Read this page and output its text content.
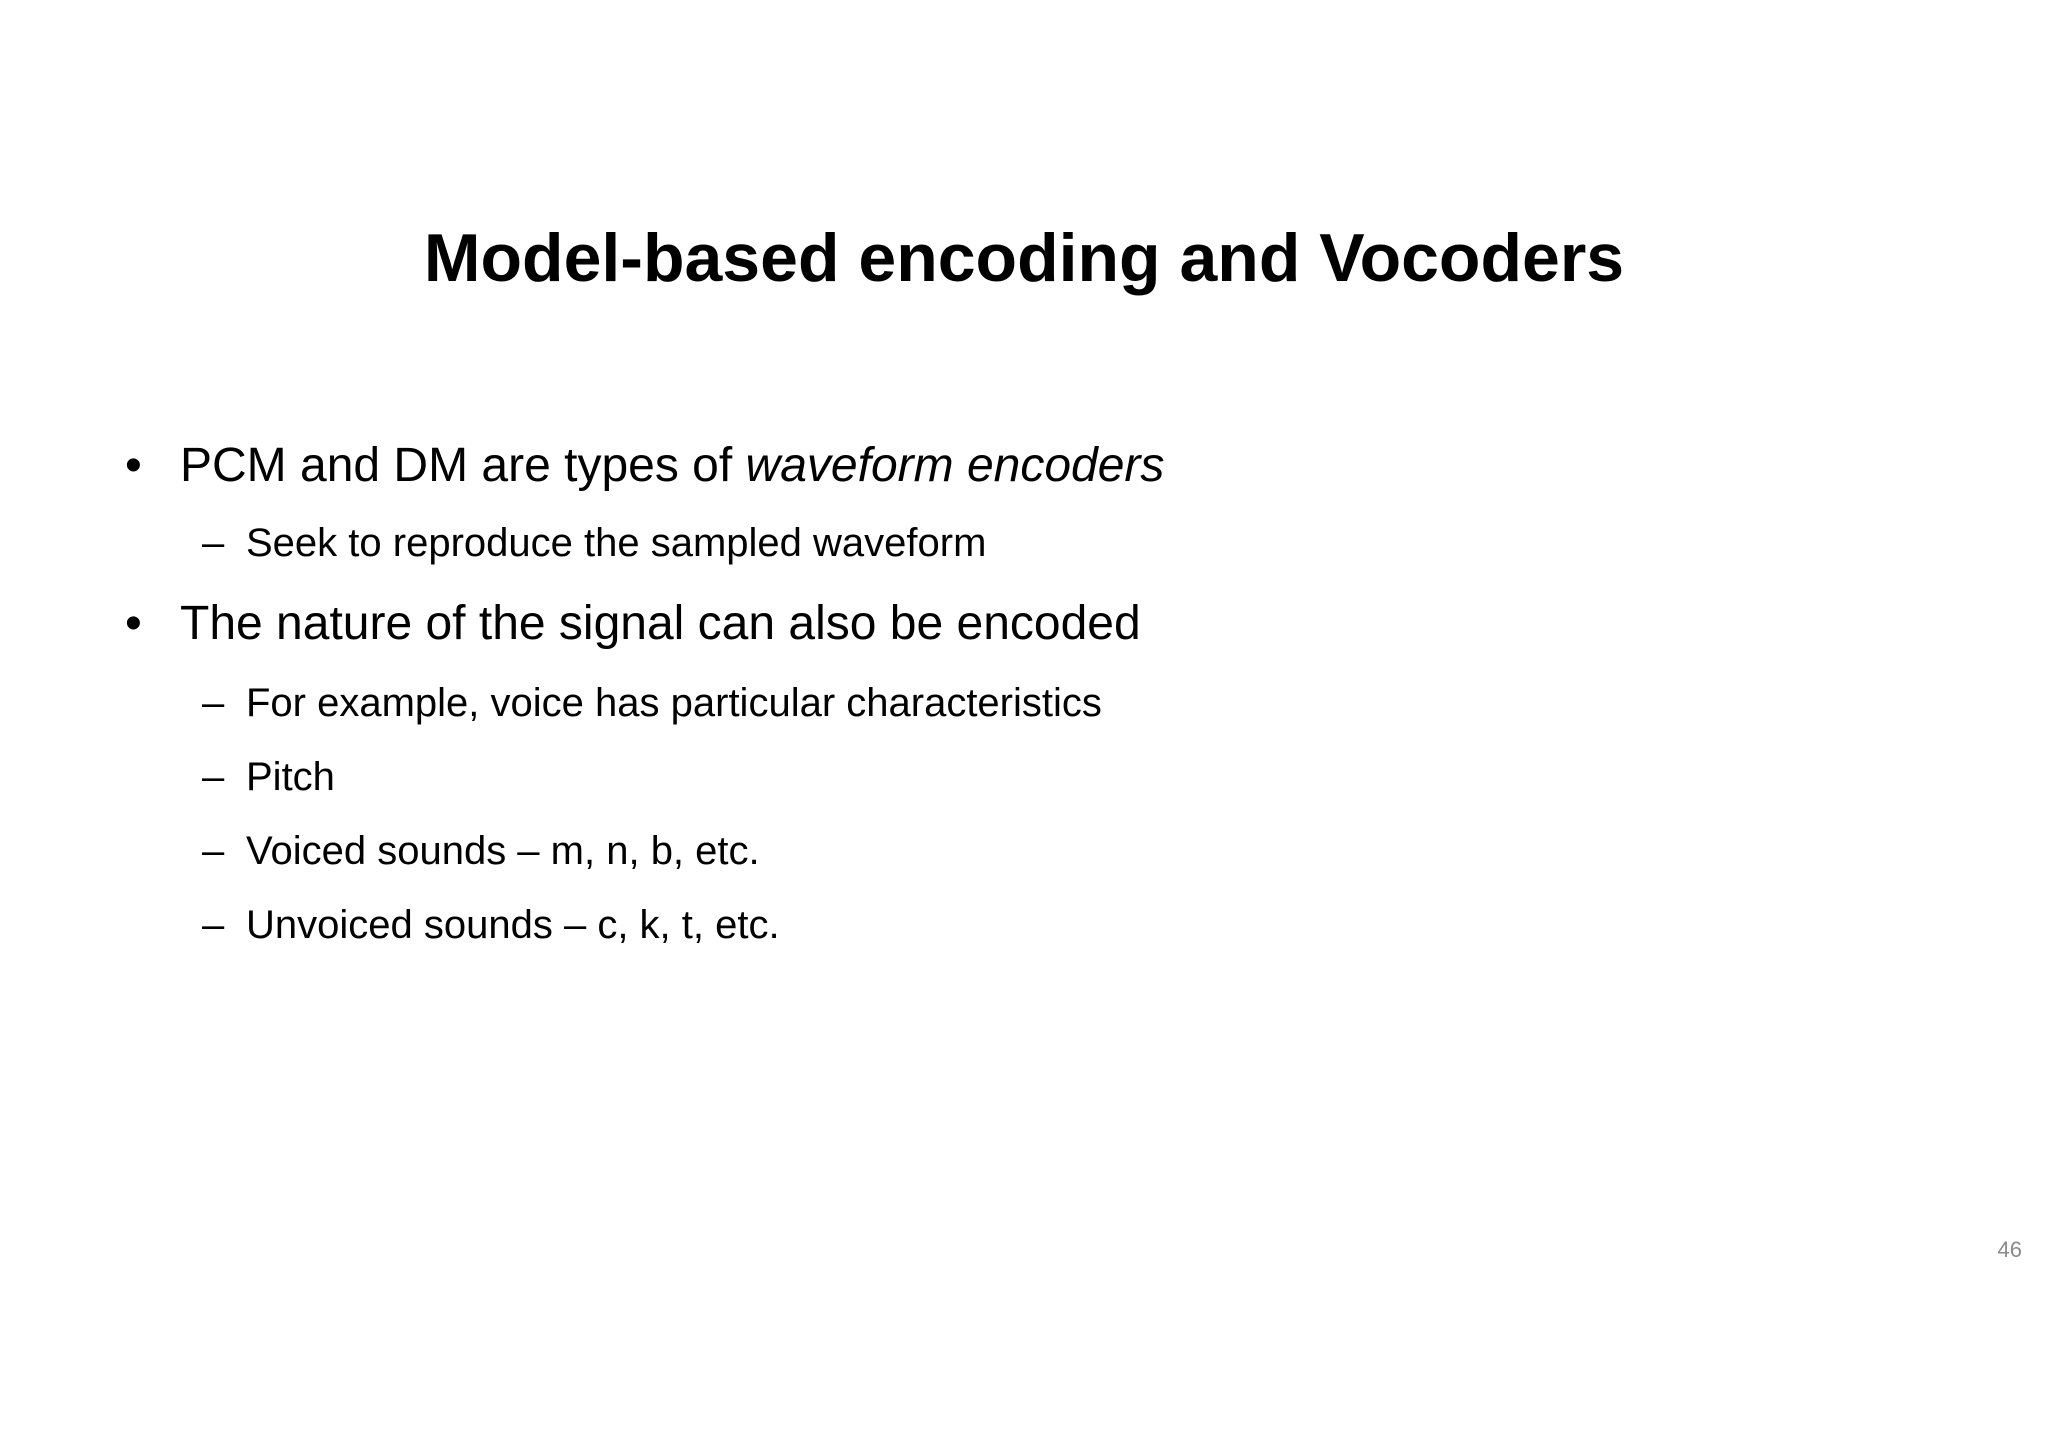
Model-based encoding and Vocoders
• PCM and DM are types of waveform encoders
– Seek to reproduce the sampled waveform
• The nature of the signal can also be encoded
– For example, voice has particular characteristics
– Pitch
– Voiced sounds – m, n, b, etc.
– Unvoiced sounds – c, k, t, etc.
46
